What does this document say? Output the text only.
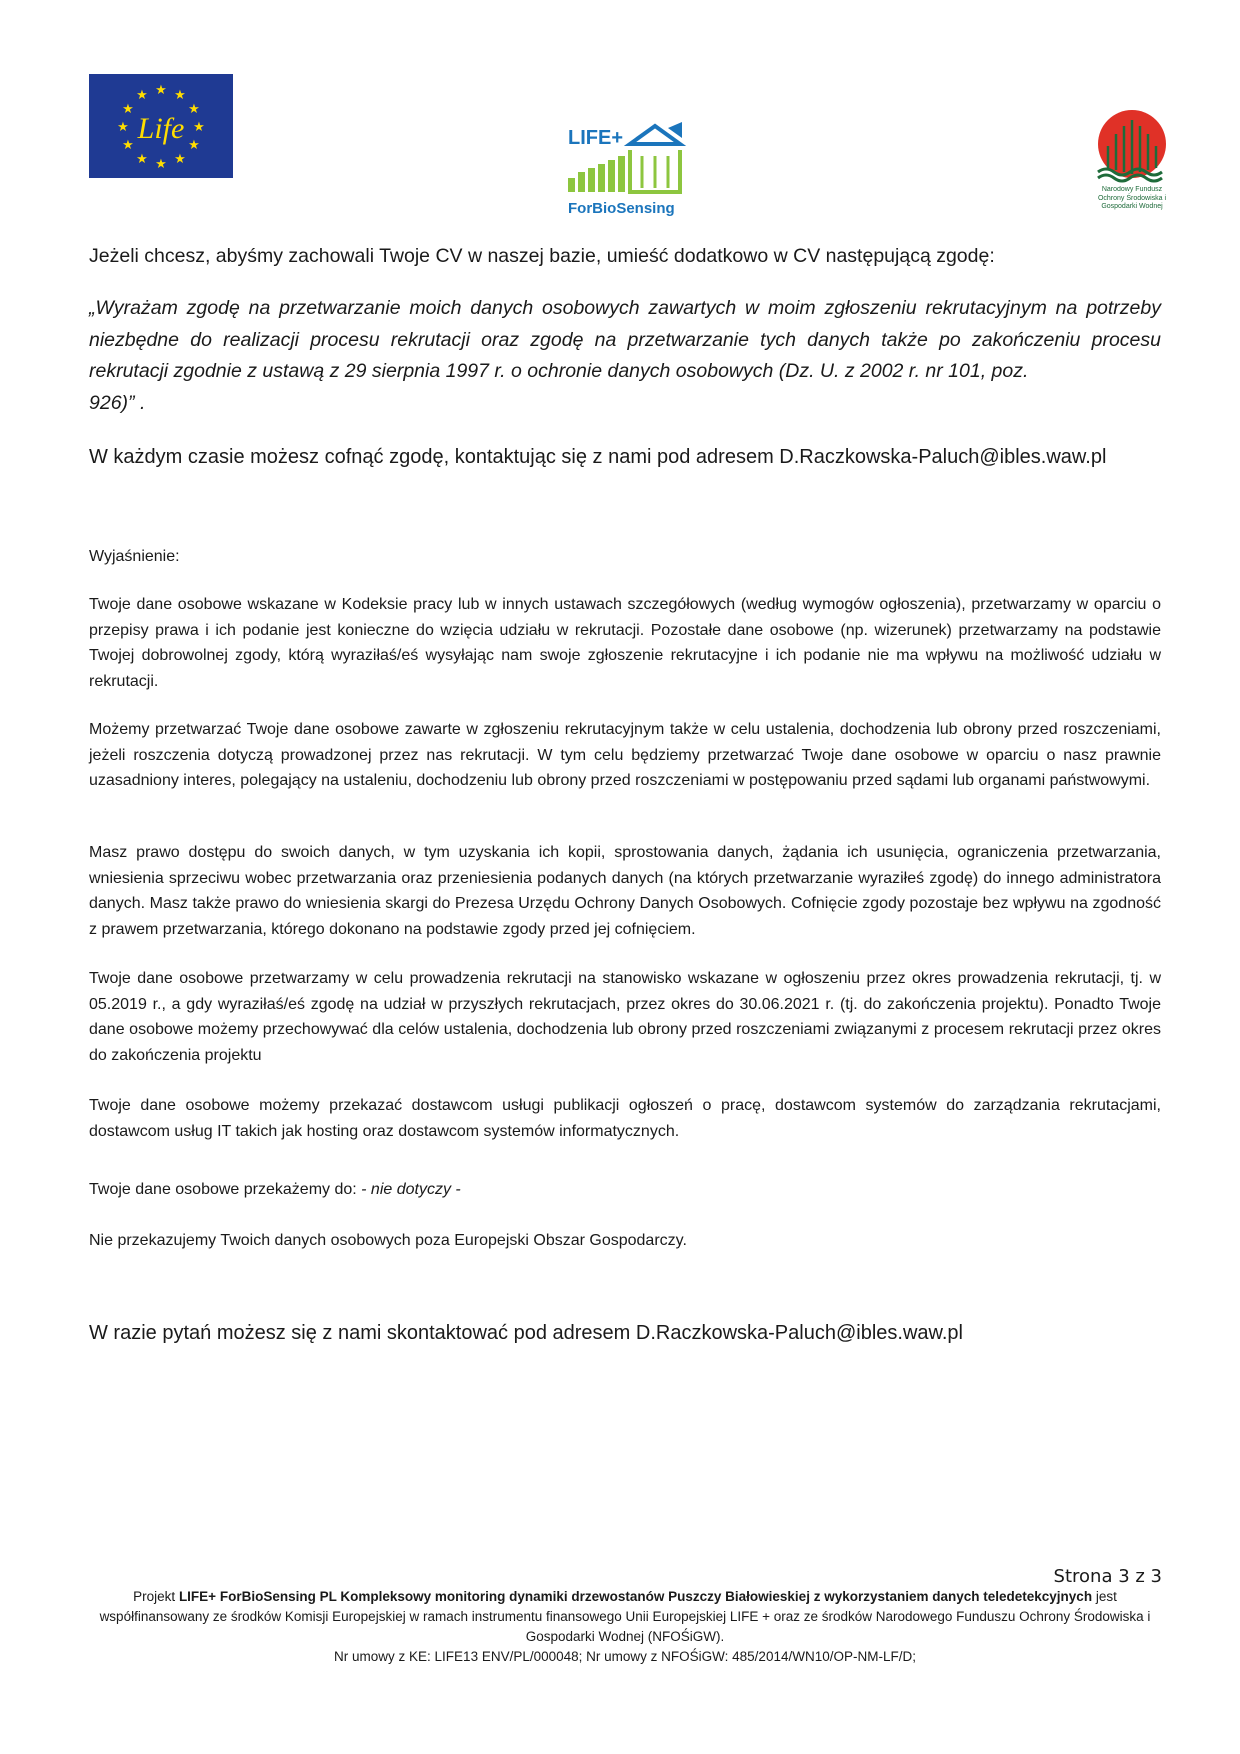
★ ★
★
★
★
★
★
★
★
★
★
★
Life	LIFE+
ForBioSensing
Narodowy Fundusz Ochrony Środowiska i Gospodarki Wodnej
Jeżeli chcesz, abyśmy zachowali Twoje CV w naszej bazie, umieść dodatkowo w CV następującą zgodę:
„Wyrażam zgodę na przetwarzanie moich danych osobowych zawartych w moim zgłoszeniu rekrutacyjnym na potrzeby niezbędne do realizacji procesu rekrutacji oraz zgodę na przetwarzanie tych danych także po zakończeniu procesu rekrutacji zgodnie z ustawą z 29 sierpnia 1997 r. o ochronie danych osobowych (Dz. U. z 2002 r. nr 101, poz.
926)” .
W każdym czasie możesz cofnąć zgodę, kontaktując się z nami pod adresem D.Raczkowska-Paluch@ibles.waw.pl
Wyjaśnienie:

Twoje dane osobowe wskazane w Kodeksie pracy lub w innych ustawach szczegółowych (według wymogów ogłoszenia), przetwarzamy w oparciu o przepisy prawa i ich podanie jest konieczne do wzięcia udziału w rekrutacji. Pozostałe dane osobowe (np. wizerunek) przetwarzamy na podstawie Twojej dobrowolnej zgody, którą wyraziłaś/eś wysyłając nam swoje zgłoszenie rekrutacyjne i ich podanie nie ma wpływu na możliwość udziału w rekrutacji.

Możemy przetwarzać Twoje dane osobowe zawarte w zgłoszeniu rekrutacyjnym także w celu ustalenia, dochodzenia lub obrony przed roszczeniami, jeżeli roszczenia dotyczą prowadzonej przez nas rekrutacji. W tym celu będziemy przetwarzać Twoje dane osobowe w oparciu o nasz prawnie uzasadniony interes, polegający na ustaleniu, dochodzeniu lub obrony przed roszczeniami w postępowaniu przed sądami lub organami państwowymi.

Masz prawo dostępu do swoich danych, w tym uzyskania ich kopii, sprostowania danych, żądania ich usunięcia, ograniczenia przetwarzania, wniesienia sprzeciwu wobec przetwarzania oraz przeniesienia podanych danych (na których przetwarzanie wyraziłeś zgodę) do innego administratora danych. Masz także prawo do wniesienia skargi do Prezesa Urzędu Ochrony Danych Osobowych. Cofnięcie zgody pozostaje bez wpływu na zgodność z prawem przetwarzania, którego dokonano na podstawie zgody przed jej cofnięciem.

Twoje dane osobowe przetwarzamy w celu prowadzenia rekrutacji na stanowisko wskazane w ogłoszeniu przez okres prowadzenia rekrutacji, tj. w 05.2019 r., a gdy wyraziłaś/eś zgodę na udział w przyszłych rekrutacjach, przez okres do 30.06.2021 r. (tj. do zakończenia projektu). Ponadto Twoje dane osobowe możemy przechowywać dla celów ustalenia, dochodzenia lub obrony przed roszczeniami związanymi z procesem rekrutacji przez okres do zakończenia projektu

Twoje dane osobowe możemy przekazać dostawcom usługi publikacji ogłoszeń o pracę, dostawcom systemów do zarządzania rekrutacjami, dostawcom usług IT takich jak hosting oraz dostawcom systemów informatycznych.

Twoje dane osobowe przekażemy do: - nie dotyczy -

Nie przekazujemy Twoich danych osobowych poza Europejski Obszar Gospodarczy.

W razie pytań możesz się z nami skontaktować pod adresem D.Raczkowska-Paluch@ibles.waw.pl
Strona 3 z 3
Projekt LIFE+ ForBioSensing PL Kompleksowy monitoring dynamiki drzewostanów Puszczy Białowieskiej z wykorzystaniem danych teledetekcyjnych jest współfinansowany ze środków Komisji Europejskiej w ramach instrumentu finansowego Unii Europejskiej LIFE + oraz ze środków Narodowego Funduszu Ochrony Środowiska i Gospodarki Wodnej (NFOŚiGW).
Nr umowy z KE: LIFE13 ENV/PL/000048; Nr umowy z NFOŚiGW: 485/2014/WN10/OP-NM-LF/D;
